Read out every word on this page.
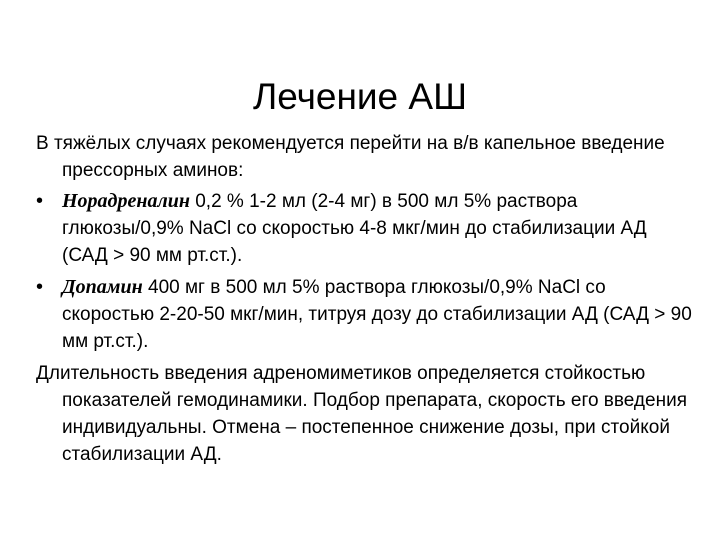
Лечение АШ

В тяжёлых случаях рекомендуется перейти на в/в капельное введение прессорных аминов:

• Норадреналин 0,2 % 1-2 мл (2-4 мг) в 500 мл 5% раствора глюкозы/0,9% NaCl со скоростью 4-8 мкг/мин до стабилизации АД (САД > 90 мм рт.ст.).
• Допамин 400 мг в 500 мл 5% раствора глюкозы/0,9% NaCl со скоростью 2-20-50 мкг/мин, титруя дозу до стабилизации АД (САД > 90 мм рт.ст.).

Длительность введения адреномиметиков определяется стойкостью показателей гемодинамики. Подбор препарата, скорость его введения индивидуальны. Отмена – постепенное снижение дозы, при стойкой стабилизации АД.
